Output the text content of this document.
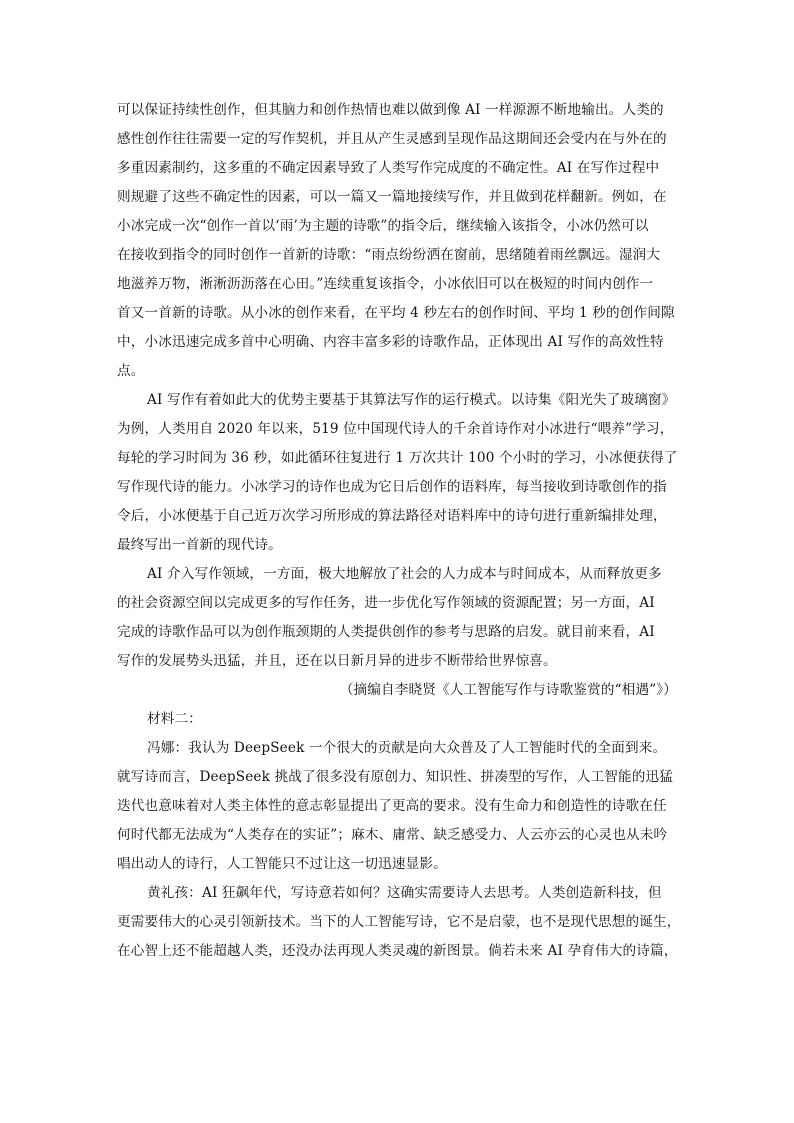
可以保证持续性创作，但其脑力和创作热情也难以做到像 AI 一样源源不断地输出。人类的
感性创作往往需要一定的写作契机，并且从产生灵感到呈现作品这期间还会受内在与外在的
多重因素制约，这多重的不确定因素导致了人类写作完成度的不确定性。AI 在写作过程中
则规避了这些不确定性的因素，可以一篇又一篇地接续写作，并且做到花样翻新。例如，在
小冰完成一次“创作一首以‘雨’为主题的诗歌”的指令后，继续输入该指令，小冰仍然可以
在接收到指令的同时创作一首新的诗歌：“雨点纷纷洒在窗前，思绪随着雨丝飘远。湿润大
地滋养万物，淅淅沥沥落在心田。”连续重复该指令，小冰依旧可以在极短的时间内创作一
首又一首新的诗歌。从小冰的创作来看，在平均 4 秒左右的创作时间、平均 1 秒的创作间隙
中，小冰迅速完成多首中心明确、内容丰富多彩的诗歌作品，正体现出 AI 写作的高效性特
点。
AI 写作有着如此大的优势主要基于其算法写作的运行模式。以诗集《阳光失了玻璃窗》
为例，人类用自 2020 年以来，519 位中国现代诗人的千余首诗作对小冰进行“喂养”学习，
每轮的学习时间为 36 秒，如此循环往复进行 1 万次共计 100 个小时的学习，小冰便获得了
写作现代诗的能力。小冰学习的诗作也成为它日后创作的语料库，每当接收到诗歌创作的指
令后，小冰便基于自己近万次学习所形成的算法路径对语料库中的诗句进行重新编排处理，
最终写出一首新的现代诗。
AI 介入写作领域，一方面，极大地解放了社会的人力成本与时间成本，从而释放更多
的社会资源空间以完成更多的写作任务，进一步优化写作领域的资源配置；另一方面，AI
完成的诗歌作品可以为创作瓶颈期的人类提供创作的参考与思路的启发。就目前来看，AI
写作的发展势头迅猛，并且，还在以日新月异的进步不断带给世界惊喜。
（摘编自李晓贤《人工智能写作与诗歌鉴赏的“相遇”》）
材料二：
冯娜：我认为 DeepSeek 一个很大的贡献是向大众普及了人工智能时代的全面到来。
就写诗而言，DeepSeek 挑战了很多没有原创力、知识性、拼凑型的写作，人工智能的迅猛
迭代也意味着对人类主体性的意志彰显提出了更高的要求。没有生命力和创造性的诗歌在任
何时代都无法成为“人类存在的实证”；麻木、庸常、缺乏感受力、人云亦云的心灵也从未吟
唱出动人的诗行，人工智能只不过让这一切迅速显影。
黄礼孩：AI 狂飙年代，写诗意若如何？这确实需要诗人去思考。人类创造新科技，但
更需要伟大的心灵引领新技术。当下的人工智能写诗，它不是启蒙，也不是现代思想的诞生，
在心智上还不能超越人类，还没办法再现人类灵魂的新图景。倘若未来 AI 孕育伟大的诗篇，
